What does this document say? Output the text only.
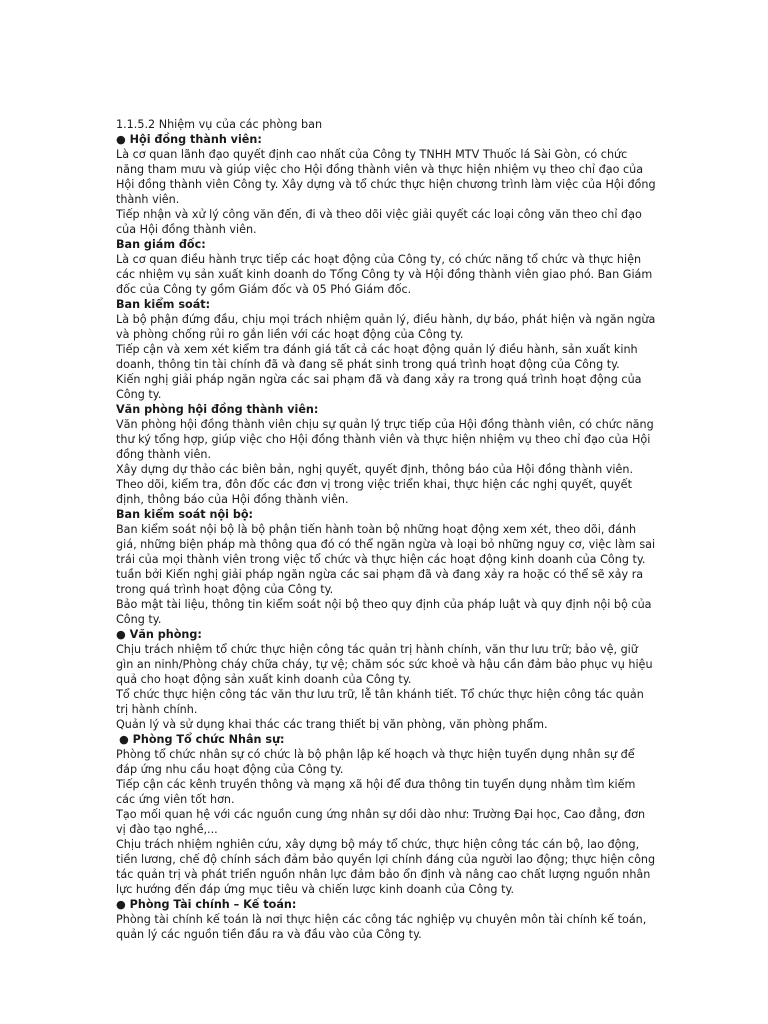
1.1.5.2 Nhiệm vụ của các phòng ban

● Hội đồng thành viên:

Là cơ quan lãnh đạo quyết định cao nhất của Công ty TNHH MTV Thuốc lá Sài Gòn, có chức năng tham mưu và giúp việc cho Hội đồng thành viên và thực hiện nhiệm vụ theo chỉ đạo của Hội đồng thành viên Công ty. Xây dựng và tổ chức thực hiện chương trình làm việc của Hội đồng thành viên.

Tiếp nhận và xử lý công văn đến, đi và theo dõi việc giải quyết các loại công văn theo chỉ đạo của Hội đồng thành viên.

Ban giám đốc:

Là cơ quan điều hành trực tiếp các hoạt động của Công ty, có chức năng tổ chức và thực hiện các nhiệm vụ sản xuất kinh doanh do Tổng Công ty và Hội đồng thành viên giao phó. Ban Giám đốc của Công ty gồm Giám đốc và 05 Phó Giám đốc.

Ban kiểm soát:

Là bộ phận đứng đầu, chịu mọi trách nhiệm quản lý, điều hành, dự báo, phát hiện và ngăn ngừa và phòng chống rủi ro gắn liền với các hoạt động của Công ty.

Tiếp cận và xem xét kiểm tra đánh giá tất cả các hoạt động quản lý điều hành, sản xuất kinh doanh, thông tin tài chính đã và đang sẽ phát sinh trong quá trình hoạt động của Công ty.

Kiến nghị giải pháp ngăn ngừa các sai phạm đã và đang xảy ra trong quá trình hoạt động của Công ty.

Văn phòng hội đồng thành viên:

Văn phòng hội đồng thành viên chịu sự quản lý trực tiếp của Hội đồng thành viên, có chức năng thư ký tổng hợp, giúp việc cho Hội đồng thành viên và thực hiện nhiệm vụ theo chỉ đạo của Hội đồng thành viên.

Xây dựng dự thảo các biên bản, nghị quyết, quyết định, thông báo của Hội đồng thành viên.

Theo dõi, kiểm tra, đôn đốc các đơn vị trong việc triển khai, thực hiện các nghị quyết, quyết định, thông báo của Hội đồng thành viên.

Ban kiểm soát nội bộ:

Ban kiểm soát nội bộ là bộ phận tiến hành toàn bộ những hoạt động xem xét, theo dõi, đánh giá, những biện pháp mà thông qua đó có thể ngăn ngừa và loại bỏ những nguy cơ, việc làm sai trái của mọi thành viên trong việc tổ chức và thực hiện các hoạt động kinh doanh của Công ty. tuần bởi Kiến nghị giải pháp ngăn ngừa các sai phạm đã và đang xảy ra hoặc có thể sẽ xảy ra trong quá trình hoạt động của Công ty.

Bảo mật tài liệu, thông tin kiểm soát nội bộ theo quy định của pháp luật và quy định nội bộ của Công ty.

● Văn phòng:

Chịu trách nhiệm tổ chức thực hiện công tác quản trị hành chính, văn thư lưu trữ; bảo vệ, giữ gìn an ninh/Phòng cháy chữa cháy, tự vệ; chăm sóc sức khoẻ và hậu cần đảm bảo phục vụ hiệu quả cho hoạt động sản xuất kinh doanh của Công ty.

Tổ chức thực hiện công tác văn thư lưu trữ, lễ tân khánh tiết. Tổ chức thực hiện công tác quản trị hành chính.

Quản lý và sử dụng khai thác các trang thiết bị văn phòng, văn phòng phẩm.

● Phòng Tổ chức Nhân sự:

Phòng tổ chức nhân sự có chức là bộ phận lập kế hoạch và thực hiện tuyển dụng nhân sự để đáp ứng nhu cầu hoạt động của Công ty.

Tiếp cận các kênh truyền thông và mạng xã hội để đưa thông tin tuyển dụng nhằm tìm kiếm các ứng viên tốt hơn.

Tạo mối quan hệ với các nguồn cung ứng nhân sự dồi dào như: Trường Đại học, Cao đẳng, đơn vị đào tạo nghề,...

Chịu trách nhiệm nghiên cứu, xây dựng bộ máy tổ chức, thực hiện công tác cán bộ, lao động, tiền lương, chế độ chính sách đảm bảo quyền lợi chính đáng của người lao động; thực hiện công tác quản trị và phát triển nguồn nhân lực đảm bảo ổn định và nâng cao chất lượng nguồn nhân lực hướng đến đáp ứng mục tiêu và chiến lược kinh doanh của Công ty.

● Phòng Tài chính – Kế toán:

Phòng tài chính kế toán là nơi thực hiện các công tác nghiệp vụ chuyên môn tài chính kế toán, quản lý các nguồn tiền đầu ra và đầu vào của Công ty.
